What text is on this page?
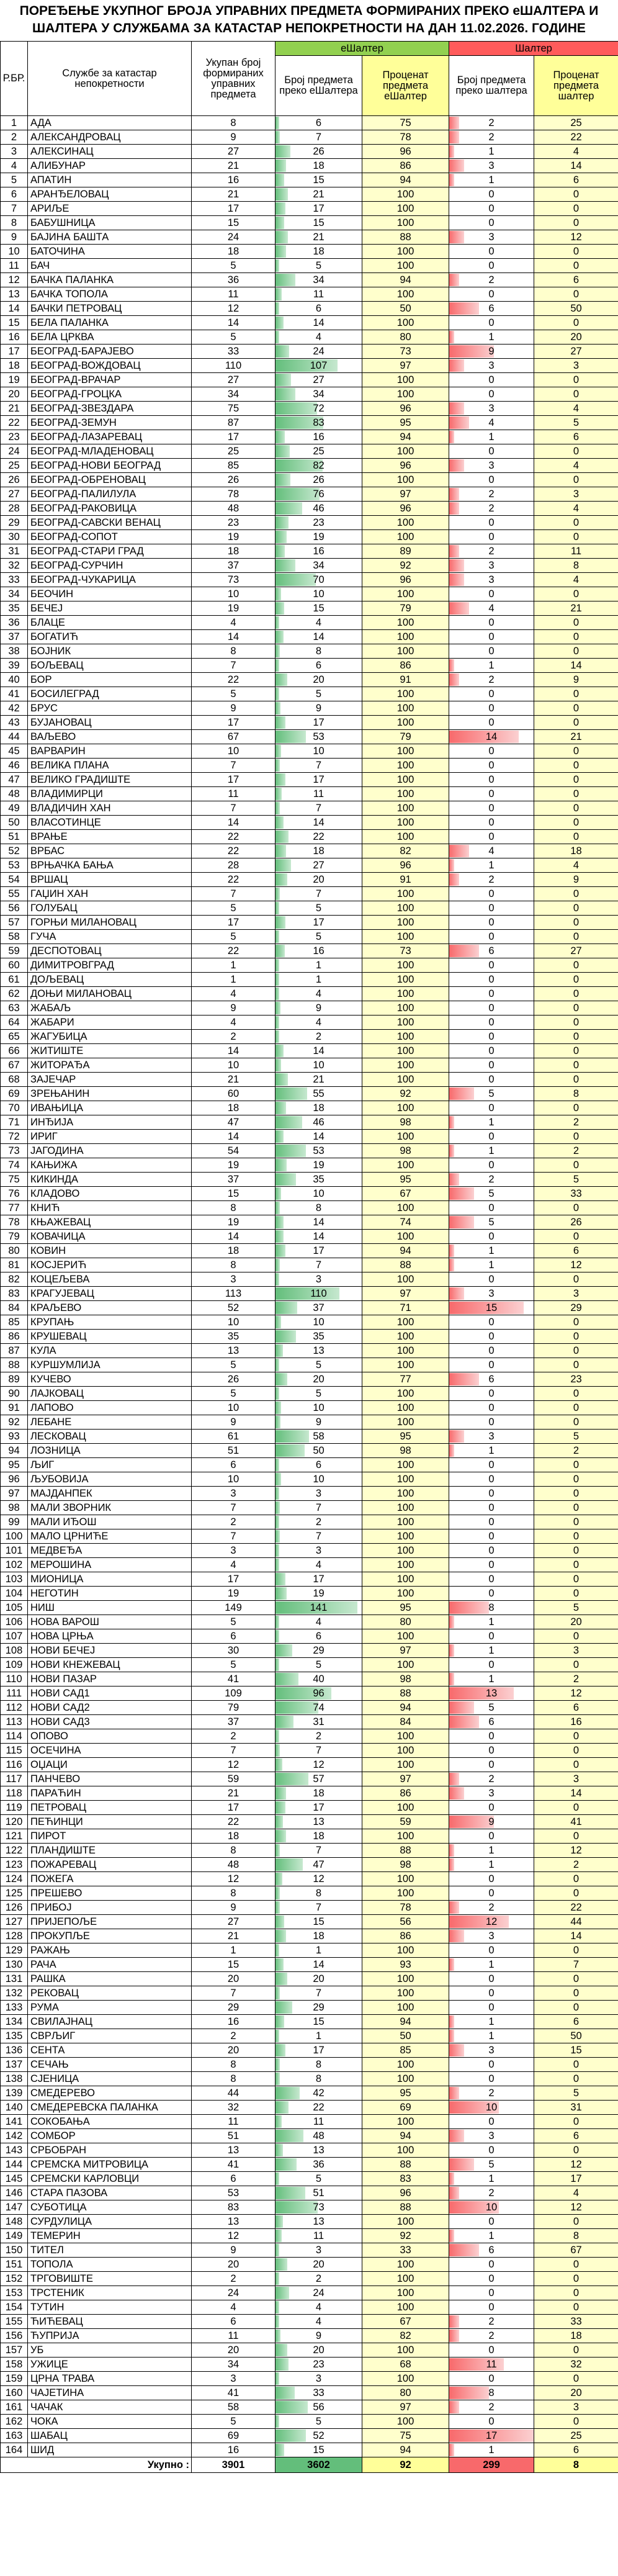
ПОРЕЂЕЊЕ УКУПНОГ БРОЈА УПРАВНИХ ПРЕДМЕТА ФОРМИРАНИХ ПРЕКО еШАЛТЕРА И ШАЛТЕРА У СЛУЖБАМА ЗА КАТАСТАР НЕПОКРЕТНОСТИ НА ДАН 11.02.2026. ГОДИНЕ
Р.БР.	Службе за катастар непокретности	Укупан број формираних управних предмета	еШалтер		Шалтер	
			Број предмета преко еШалтера	Проценат предмета еШалтер	Број предмета преко шалтера	Проценат предмета шалтер
1	АДА	8	6	75	2	25
2	АЛЕКСАНДРОВАЦ	9	7	78	2	22
3	АЛЕКСИНАЦ	27	26	96	1	4
4	АЛИБУНАР	21	18	86	3	14
5	АПАТИН	16	15	94	1	6
6	АРАНЂЕЛОВАЦ	21	21	100	0	0
7	АРИЉЕ	17	17	100	0	0
8	БАБУШНИЦА	15	15	100	0	0
9	БАЈИНА БАШТА	24	21	88	3	12
10	БАТОЧИНА	18	18	100	0	0
11	БАЧ	5	5	100	0	0
12	БАЧКА ПАЛАНКА	36	34	94	2	6
13	БАЧКА ТОПОЛА	11	11	100	0	0
14	БАЧКИ ПЕТРОВАЦ	12	6	50	6	50
15	БЕЛА ПАЛАНКА	14	14	100	0	0
16	БЕЛА ЦРКВА	5	4	80	1	20
17	БЕОГРАД-БАРАЈЕВО	33	24	73	9	27
18	БЕОГРАД-ВОЖДОВАЦ	110	107	97	3	3
19	БЕОГРАД-ВРАЧАР	27	27	100	0	0
20	БЕОГРАД-ГРОЦКА	34	34	100	0	0
21	БЕОГРАД-ЗВЕЗДАРА	75	72	96	3	4
22	БЕОГРАД-ЗЕМУН	87	83	95	4	5
23	БЕОГРАД-ЛАЗАРЕВАЦ	17	16	94	1	6
24	БЕОГРАД-МЛАДЕНОВАЦ	25	25	100	0	0
25	БЕОГРАД-НОВИ БЕОГРАД	85	82	96	3	4
26	БЕОГРАД-ОБРЕНОВАЦ	26	26	100	0	0
27	БЕОГРАД-ПАЛИЛУЛА	78	76	97	2	3
28	БЕОГРАД-РАКОВИЦА	48	46	96	2	4
29	БЕОГРАД-САВСКИ ВЕНАЦ	23	23	100	0	0
30	БЕОГРАД-СОПОТ	19	19	100	0	0
31	БЕОГРАД-СТАРИ ГРАД	18	16	89	2	11
32	БЕОГРАД-СУРЧИН	37	34	92	3	8
33	БЕОГРАД-ЧУКАРИЦА	73	70	96	3	4
34	БЕОЧИН	10	10	100	0	0
35	БЕЧЕЈ	19	15	79	4	21
36	БЛАЦЕ	4	4	100	0	0
37	БОГАТИЋ	14	14	100	0	0
38	БОЈНИК	8	8	100	0	0
39	БОЉЕВАЦ	7	6	86	1	14
40	БОР	22	20	91	2	9
41	БОСИЛЕГРАД	5	5	100	0	0
42	БРУС	9	9	100	0	0
43	БУЈАНОВАЦ	17	17	100	0	0
44	ВАЉЕВО	67	53	79	14	21
45	ВАРВАРИН	10	10	100	0	0
46	ВЕЛИКА ПЛАНА	7	7	100	0	0
47	ВЕЛИКО ГРАДИШТЕ	17	17	100	0	0
48	ВЛАДИМИРЦИ	11	11	100	0	0
49	ВЛАДИЧИН ХАН	7	7	100	0	0
50	ВЛАСОТИНЦЕ	14	14	100	0	0
51	ВРАЊЕ	22	22	100	0	0
52	ВРБАС	22	18	82	4	18
53	ВРЊАЧКА БАЊА	28	27	96	1	4
54	ВРШАЦ	22	20	91	2	9
55	ГАЏИН ХАН	7	7	100	0	0
56	ГОЛУБАЦ	5	5	100	0	0
57	ГОРЊИ МИЛАНОВАЦ	17	17	100	0	0
58	ГУЧА	5	5	100	0	0
59	ДЕСПОТОВАЦ	22	16	73	6	27
60	ДИМИТРОВГРАД	1	1	100	0	0
61	ДОЉЕВАЦ	1	1	100	0	0
62	ДОЊИ МИЛАНОВАЦ	4	4	100	0	0
63	ЖАБАЉ	9	9	100	0	0
64	ЖАБАРИ	4	4	100	0	0
65	ЖАГУБИЦА	2	2	100	0	0
66	ЖИТИШТЕ	14	14	100	0	0
67	ЖИТОРАЂА	10	10	100	0	0
68	ЗАЈЕЧАР	21	21	100	0	0
69	ЗРЕЊАНИН	60	55	92	5	8
70	ИВАЊИЦА	18	18	100	0	0
71	ИНЂИЈА	47	46	98	1	2
72	ИРИГ	14	14	100	0	0
73	ЈАГОДИНА	54	53	98	1	2
74	КАЊИЖА	19	19	100	0	0
75	КИКИНДА	37	35	95	2	5
76	КЛАДОВО	15	10	67	5	33
77	КНИЋ	8	8	100	0	0
78	КЊАЖЕВАЦ	19	14	74	5	26
79	КОВАЧИЦА	14	14	100	0	0
80	КОВИН	18	17	94	1	6
81	КОСЈЕРИЋ	8	7	88	1	12
82	КОЦЕЉЕВА	3	3	100	0	0
83	КРАГУЈЕВАЦ	113	110	97	3	3
84	КРАЉЕВО	52	37	71	15	29
85	КРУПАЊ	10	10	100	0	0
86	КРУШЕВАЦ	35	35	100	0	0
87	КУЛА	13	13	100	0	0
88	КУРШУМЛИЈА	5	5	100	0	0
89	КУЧЕВО	26	20	77	6	23
90	ЛАЈКОВАЦ	5	5	100	0	0
91	ЛАПОВО	10	10	100	0	0
92	ЛЕБАНЕ	9	9	100	0	0
93	ЛЕСКОВАЦ	61	58	95	3	5
94	ЛОЗНИЦА	51	50	98	1	2
95	ЉИГ	6	6	100	0	0
96	ЉУБОВИЈА	10	10	100	0	0
97	МАЈДАНПЕК	3	3	100	0	0
98	МАЛИ ЗВОРНИК	7	7	100	0	0
99	МАЛИ ИЂОШ	2	2	100	0	0
100	МАЛО ЦРНИЋЕ	7	7	100	0	0
101	МЕДВЕЂА	3	3	100	0	0
102	МЕРОШИНА	4	4	100	0	0
103	МИОНИЦА	17	17	100	0	0
104	НЕГОТИН	19	19	100	0	0
105	НИШ	149	141	95	8	5
106	НОВА ВАРОШ	5	4	80	1	20
107	НОВА ЦРЊА	6	6	100	0	0
108	НОВИ БЕЧЕЈ	30	29	97	1	3
109	НОВИ КНЕЖЕВАЦ	5	5	100	0	0
110	НОВИ ПАЗАР	41	40	98	1	2
111	НОВИ САД1	109	96	88	13	12
112	НОВИ САД2	79	74	94	5	6
113	НОВИ САД3	37	31	84	6	16
114	ОПОВО	2	2	100	0	0
115	ОСЕЧИНА	7	7	100	0	0
116	ОЏАЦИ	12	12	100	0	0
117	ПАНЧЕВО	59	57	97	2	3
118	ПАРАЋИН	21	18	86	3	14
119	ПЕТРОВАЦ	17	17	100	0	0
120	ПЕЋИНЦИ	22	13	59	9	41
121	ПИРОТ	18	18	100	0	0
122	ПЛАНДИШТЕ	8	7	88	1	12
123	ПОЖАРЕВАЦ	48	47	98	1	2
124	ПОЖЕГА	12	12	100	0	0
125	ПРЕШЕВО	8	8	100	0	0
126	ПРИБОЈ	9	7	78	2	22
127	ПРИЈЕПОЉЕ	27	15	56	12	44
128	ПРОКУПЉЕ	21	18	86	3	14
129	РАЖАЊ	1	1	100	0	0
130	РАЧА	15	14	93	1	7
131	РАШКА	20	20	100	0	0
132	РЕКОВАЦ	7	7	100	0	0
133	РУМА	29	29	100	0	0
134	СВИЛАЈНАЦ	16	15	94	1	6
135	СВРЉИГ	2	1	50	1	50
136	СЕНТА	20	17	85	3	15
137	СЕЧАЊ	8	8	100	0	0
138	СЈЕНИЦА	8	8	100	0	0
139	СМЕДЕРЕВО	44	42	95	2	5
140	СМЕДЕРЕВСКА ПАЛАНКА	32	22	69	10	31
141	СОКОБАЊА	11	11	100	0	0
142	СОМБОР	51	48	94	3	6
143	СРБОБРАН	13	13	100	0	0
144	СРЕМСКА МИТРОВИЦА	41	36	88	5	12
145	СРЕМСКИ КАРЛОВЦИ	6	5	83	1	17
146	СТАРА ПАЗОВА	53	51	96	2	4
147	СУБОТИЦА	83	73	88	10	12
148	СУРДУЛИЦА	13	13	100	0	0
149	ТЕМЕРИН	12	11	92	1	8
150	ТИТЕЛ	9	3	33	6	67
151	ТОПОЛА	20	20	100	0	0
152	ТРГОВИШТЕ	2	2	100	0	0
153	ТРСТЕНИК	24	24	100	0	0
154	ТУТИН	4	4	100	0	0
155	ЋИЋЕВАЦ	6	4	67	2	33
156	ЋУПРИЈА	11	9	82	2	18
157	УБ	20	20	100	0	0
158	УЖИЦЕ	34	23	68	11	32
159	ЦРНА ТРАВА	3	3	100	0	0
160	ЧАЈЕТИНА	41	33	80	8	20
161	ЧАЧАК	58	56	97	2	3
162	ЧОКА	5	5	100	0	0
163	ШАБАЦ	69	52	75	17	25
164	ШИД	16	15	94	1	6
Укупно :		3901	3602	92	299	8
